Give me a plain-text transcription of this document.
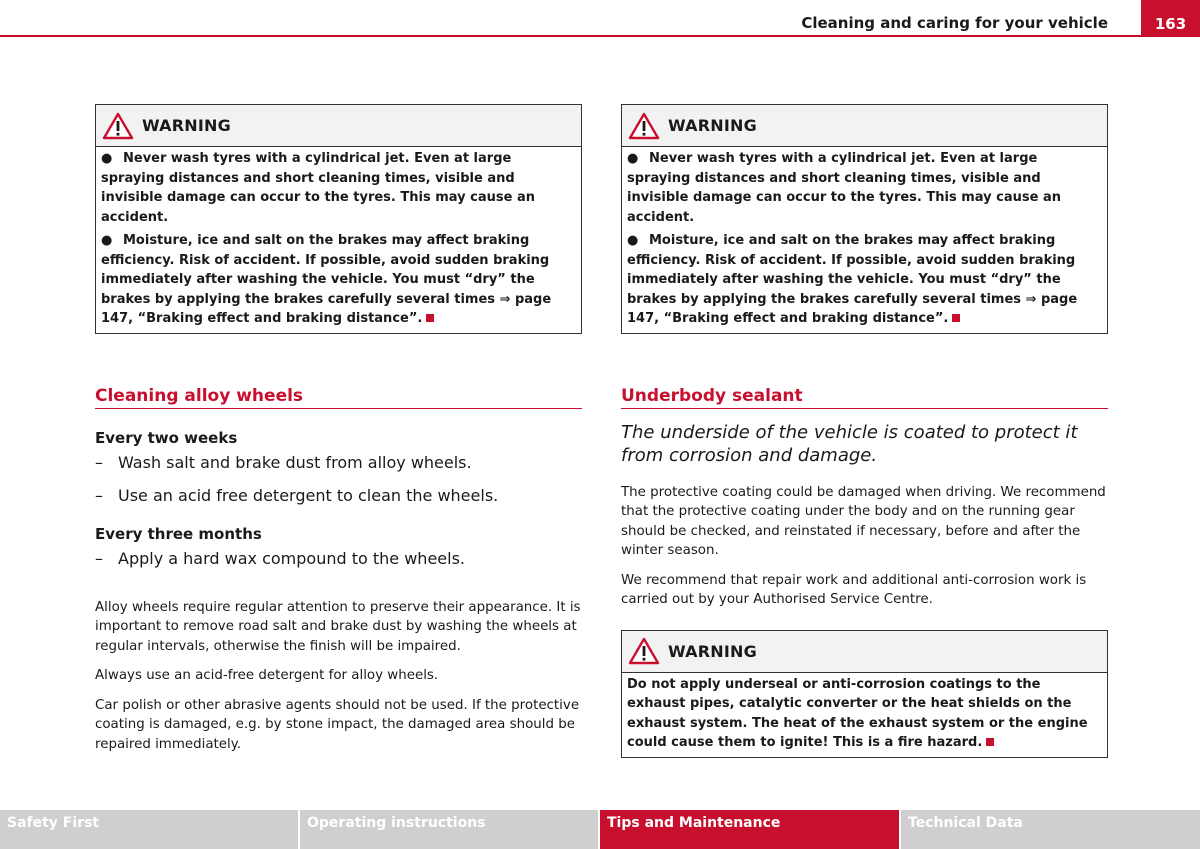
Cleaning and caring for your vehicle	163
WARNING

● Never wash tyres with a cylindrical jet. Even at large spraying distances and short cleaning times, visible and invisible damage can occur to the tyres. This may cause an accident.

● Moisture, ice and salt on the brakes may affect braking efficiency. Risk of accident. If possible, avoid sudden braking immediately after washing the vehicle. You must “dry” the brakes by applying the brakes carefully several times ⇒ page 147, “Braking effect and braking distance”.

Cleaning alloy wheels
Every two weeks
– Wash salt and brake dust from alloy wheels.
– Use an acid free detergent to clean the wheels.
Every three months
– Apply a hard wax compound to the wheels.

Alloy wheels require regular attention to preserve their appearance. It is important to remove road salt and brake dust by washing the wheels at regular intervals, otherwise the finish will be impaired.

Always use an acid-free detergent for alloy wheels.

Car polish or other abrasive agents should not be used. If the protective coating is damaged, e.g. by stone impact, the damaged area should be repaired immediately.

WARNING

● Never wash tyres with a cylindrical jet. Even at large spraying distances and short cleaning times, visible and invisible damage can occur to the tyres. This may cause an accident.

● Moisture, ice and salt on the brakes may affect braking efficiency. Risk of accident. If possible, avoid sudden braking immediately after washing the vehicle. You must “dry” the brakes by applying the brakes carefully several times ⇒ page 147, “Braking effect and braking distance”.

Underbody sealant

The underside of the vehicle is coated to protect it from corrosion and damage.

The protective coating could be damaged when driving. We recommend that the protective coating under the body and on the running gear should be checked, and reinstated if necessary, before and after the winter season.

We recommend that repair work and additional anti-corrosion work is carried out by your Authorised Service Centre.

WARNING

Do not apply underseal or anti-corrosion coatings to the exhaust pipes, catalytic converter or the heat shields on the exhaust system. The heat of the exhaust system or the engine could cause them to ignite! This is a fire hazard.

Safety First	Operating instructions	Tips and Maintenance	Technical Data
